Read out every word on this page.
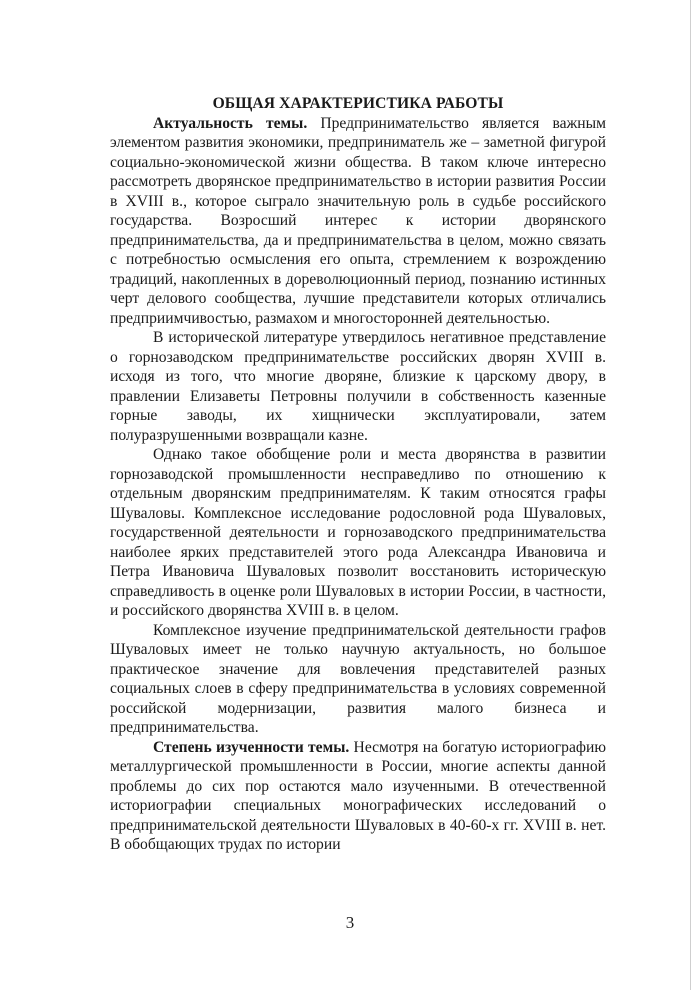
ОБЩАЯ ХАРАКТЕРИСТИКА РАБОТЫ

Актуальность темы. Предпринимательство является важным элементом развития экономики, предприниматель же – заметной фигурой социально-экономической жизни общества. В таком ключе интересно рассмотреть дворянское предпринимательство в истории развития России в XVIII в., которое сыграло значительную роль в судьбе российского государства. Возросший интерес к истории дворянского предпринимательства, да и предпринимательства в целом, можно связать с потребностью осмысления его опыта, стремлением к возрождению традиций, накопленных в дореволюционный период, познанию истинных черт делового сообщества, лучшие представители которых отличались предприимчивостью, размахом и многосторонней деятельностью.

В исторической литературе утвердилось негативное представление о горнозаводском предпринимательстве российских дворян XVIII в. исходя из того, что многие дворяне, близкие к царскому двору, в правлении Елизаветы Петровны получили в собственность казенные горные заводы, их хищнически эксплуатировали, затем полуразрушенными возвращали казне.

Однако такое обобщение роли и места дворянства в развитии горнозаводской промышленности несправедливо по отношению к отдельным дворянским предпринимателям. К таким относятся графы Шуваловы. Комплексное исследование родословной рода Шуваловых, государственной деятельности и горнозаводского предпринимательства наиболее ярких представителей этого рода Александра Ивановича и Петра Ивановича Шуваловых позволит восстановить историческую справедливость в оценке роли Шуваловых в истории России, в частности, и российского дворянства XVIII в. в целом.

Комплексное изучение предпринимательской деятельности графов Шуваловых имеет не только научную актуальность, но большое практическое значение для вовлечения представителей разных социальных слоев в сферу предпринимательства в условиях современной российской модернизации, развития малого бизнеса и предпринимательства.

Степень изученности темы. Несмотря на богатую историографию металлургической промышленности в России, многие аспекты данной проблемы до сих пор остаются мало изученными. В отечественной историографии специальных монографических исследований о предпринимательской деятельности Шуваловых в 40-60-х гг. XVIII в. нет. В обобщающих трудах по истории

3
